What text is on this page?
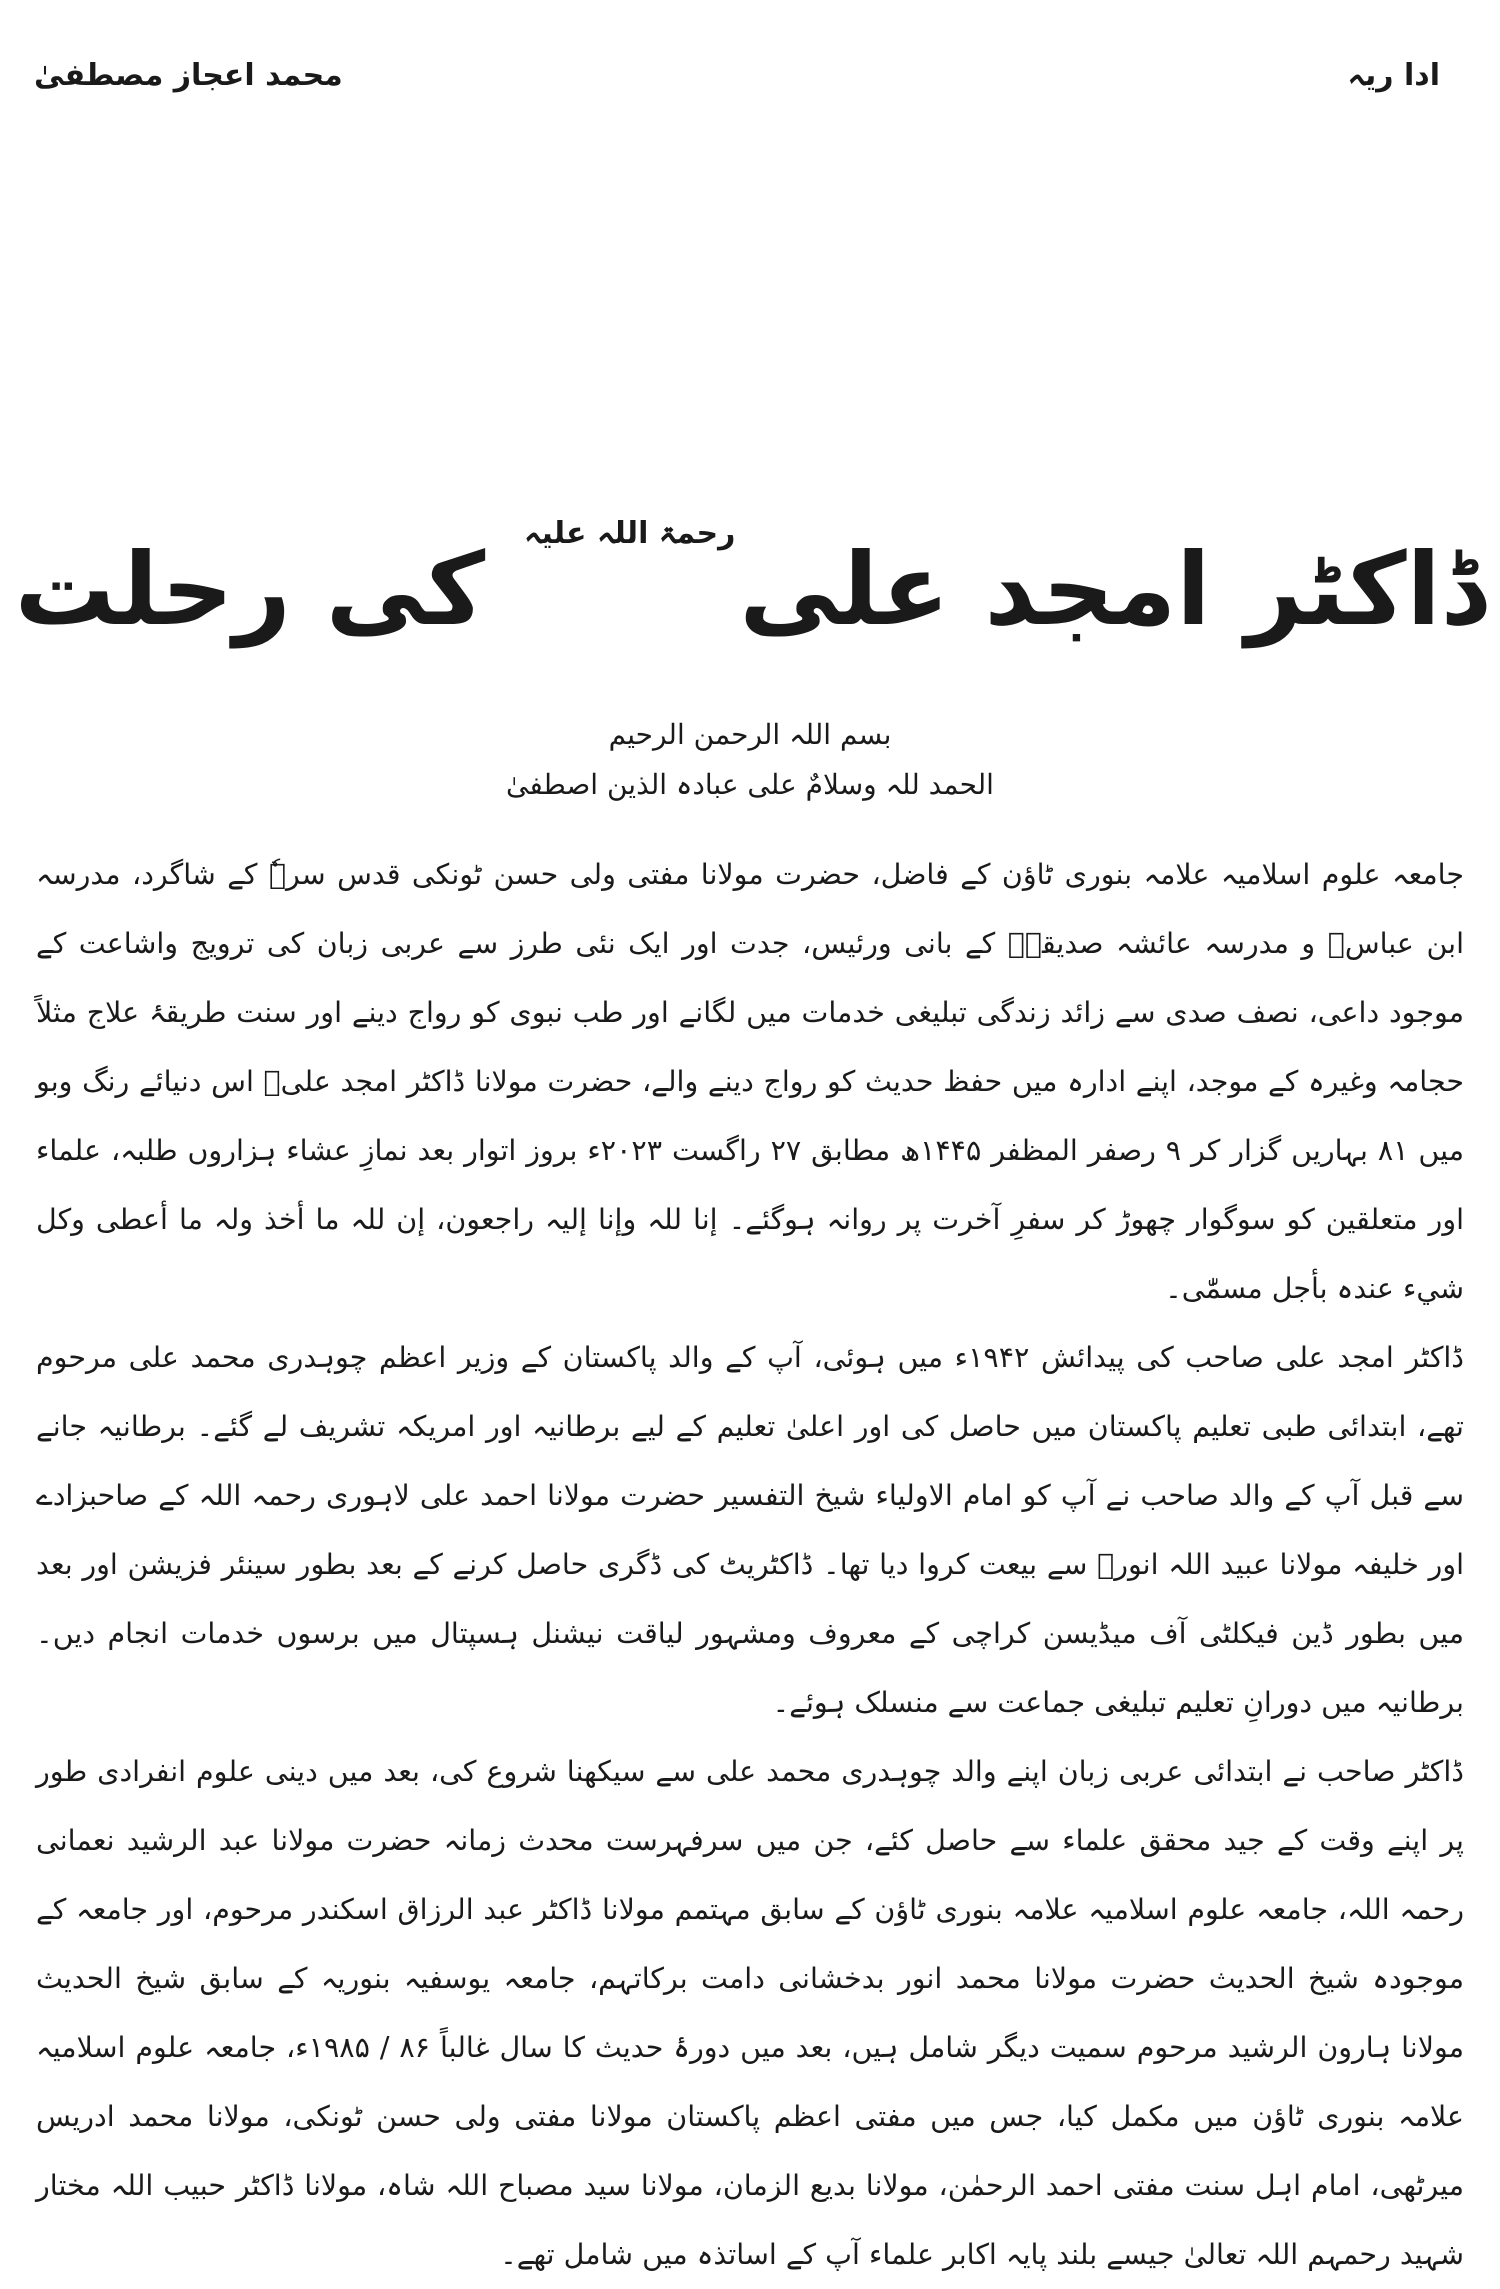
ادا ریہ
محمد اعجاز مصطفیٰ
ڈاکٹر امجد علیرحمۃ اللہ علیہ کی رحلت
بسم اللہ الرحمن الرحیم
الحمد للہ وسلامٌ علی عبادہ الذین اصطفیٰ

جامعہ علوم اسلامیہ علامہ بنوری ٹاؤن کے فاضل، حضرت مولانا مفتی ولی حسن ٹونکی قدس سرہٗ کے شاگرد، مدرسہ ابن عباسؓ و مدرسہ عائشہ صدیقہؓ کے بانی ورئیس، جدت اور ایک نئی طرز سے عربی زبان کی ترویج واشاعت کے موجود داعی، نصف صدی سے زائد زندگی تبلیغی خدمات میں لگانے اور طب نبوی کو رواج دینے اور سنت طریقۂ علاج مثلاً حجامہ وغیرہ کے موجد، اپنے ادارہ میں حفظ حدیث کو رواج دینے والے، حضرت مولانا ڈاکٹر امجد علیؒ اس دنیائے رنگ وبو میں ۸۱ بہاریں گزار کر ۹ رصفر المظفر ۱۴۴۵ھ مطابق ۲۷ راگست ۲۰۲۳ء بروز اتوار بعد نمازِ عشاء ہزاروں طلبہ، علماء اور متعلقین کو سوگوار چھوڑ کر سفرِ آخرت پر روانہ ہوگئے۔ إنا للہ وإنا إلیہ راجعون، إن للہ ما أخذ ولہ ما أعطی وکل شيء عندہ بأجل مسمّٰی۔

ڈاکٹر امجد علی صاحب کی پیدائش ۱۹۴۲ء میں ہوئی، آپ کے والد پاکستان کے وزیر اعظم چوہدری محمد علی مرحوم تھے، ابتدائی طبی تعلیم پاکستان میں حاصل کی اور اعلیٰ تعلیم کے لیے برطانیہ اور امریکہ تشریف لے گئے۔ برطانیہ جانے سے قبل آپ کے والد صاحب نے آپ کو امام الاولیاء شیخ التفسیر حضرت مولانا احمد علی لاہوری رحمہ اللہ کے صاحبزادے اور خلیفہ مولانا عبید اللہ انورؒ سے بیعت کروا دیا تھا۔ ڈاکٹریٹ کی ڈگری حاصل کرنے کے بعد بطور سینئر فزیشن اور بعد میں بطور ڈین فیکلٹی آف میڈیسن کراچی کے معروف ومشہور لیاقت نیشنل ہسپتال میں برسوں خدمات انجام دیں۔ برطانیہ میں دورانِ تعلیم تبلیغی جماعت سے منسلک ہوئے۔

ڈاکٹر صاحب نے ابتدائی عربی زبان اپنے والد چوہدری محمد علی سے سیکھنا شروع کی، بعد میں دینی علوم انفرادی طور پر اپنے وقت کے جید محقق علماء سے حاصل کئے، جن میں سرفہرست محدث زمانہ حضرت مولانا عبد الرشید نعمانی رحمہ اللہ، جامعہ علوم اسلامیہ علامہ بنوری ٹاؤن کے سابق مہتمم مولانا ڈاکٹر عبد الرزاق اسکندر مرحوم، اور جامعہ کے موجودہ شیخ الحدیث حضرت مولانا محمد انور بدخشانی دامت برکاتہم، جامعہ یوسفیہ بنوریہ کے سابق شیخ الحدیث مولانا ہارون الرشید مرحوم سمیت دیگر شامل ہیں، بعد میں دورۂ حدیث کا سال غالباً ۸۶ / ۱۹۸۵ء، جامعہ علوم اسلامیہ علامہ بنوری ٹاؤن میں مکمل کیا، جس میں مفتی اعظم پاکستان مولانا مفتی ولی حسن ٹونکی، مولانا محمد ادریس میرٹھی، امام اہل سنت مفتی احمد الرحمٰن، مولانا بدیع الزمان، مولانا سید مصباح اللہ شاہ، مولانا ڈاکٹر حبیب اللہ مختار شہید رحمہم اللہ تعالیٰ جیسے بلند پایہ اکابر علماء آپ کے اساتذہ میں شامل تھے۔
